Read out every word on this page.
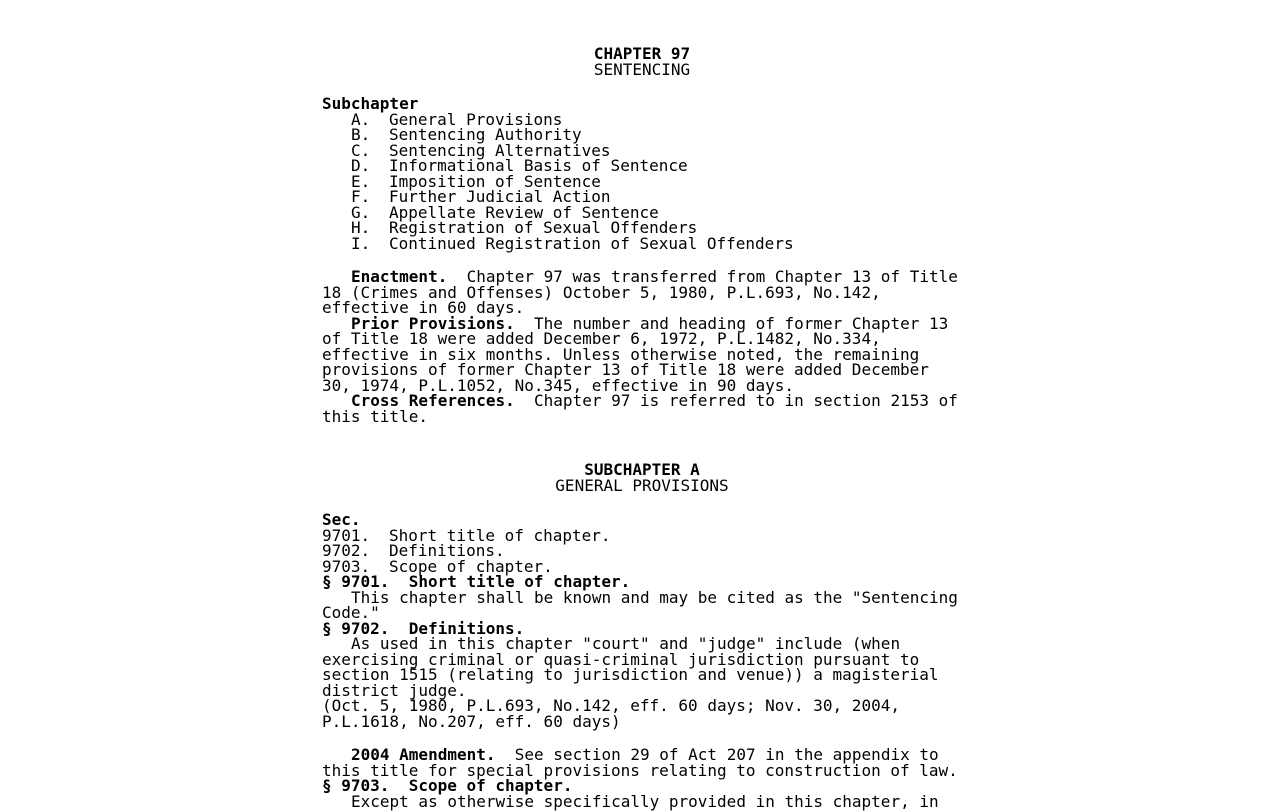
CHAPTER 97
SENTENCING
Subchapter
A. General Provisions
B. Sentencing Authority
C. Sentencing Alternatives
D. Informational Basis of Sentence
E. Imposition of Sentence
F. Further Judicial Action
G. Appellate Review of Sentence
H. Registration of Sexual Offenders
I. Continued Registration of Sexual Offenders
Enactment.  Chapter 97 was transferred from Chapter 13 of Title
18 (Crimes and Offenses) October 5, 1980, P.L.693, No.142,
effective in 60 days.
Prior Provisions.  The number and heading of former Chapter 13
of Title 18 were added December 6, 1972, P.L.1482, No.334,
effective in six months. Unless otherwise noted, the remaining
provisions of former Chapter 13 of Title 18 were added December
30, 1974, P.L.1052, No.345, effective in 90 days.
Cross References.  Chapter 97 is referred to in section 2153 of
this title.
SUBCHAPTER A
GENERAL PROVISIONS
Sec.
9701. Short title of chapter.
9702. Definitions.
9703. Scope of chapter.
§ 9701.  Short title of chapter.
This chapter shall be known and may be cited as the "Sentencing
Code."
§ 9702.  Definitions.
As used in this chapter "court" and "judge" include (when
exercising criminal or quasi-criminal jurisdiction pursuant to
section 1515 (relating to jurisdiction and venue)) a magisterial
district judge.
(Oct. 5, 1980, P.L.693, No.142, eff. 60 days; Nov. 30, 2004,
P.L.1618, No.207, eff. 60 days)
2004 Amendment.  See section 29 of Act 207 in the appendix to
this title for special provisions relating to construction of law.
§ 9703.  Scope of chapter.
Except as otherwise specifically provided in this chapter, in
